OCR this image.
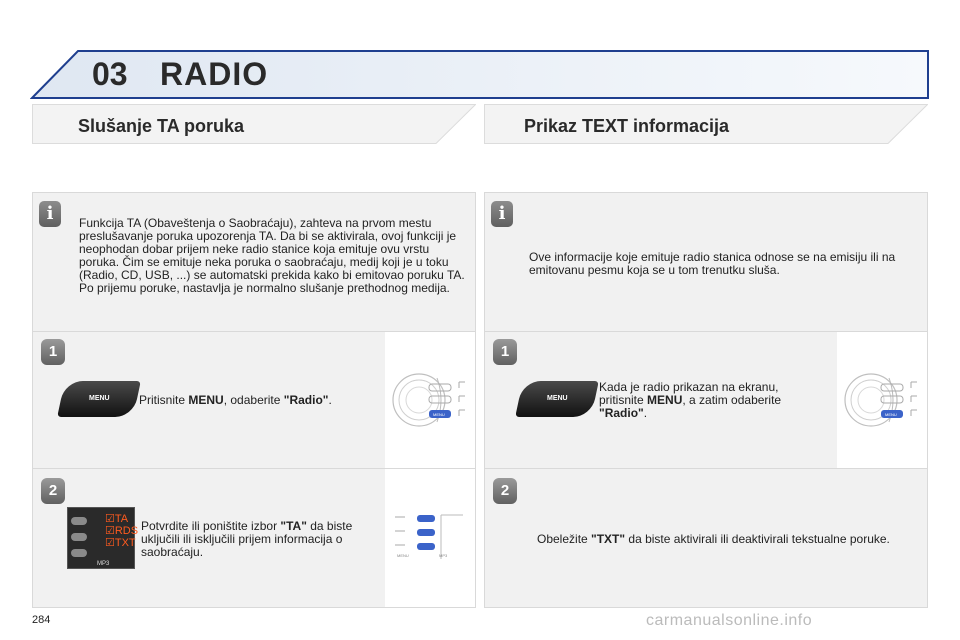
03 RADIO
Slušanje TA poruka	Prikaz TEXT informacija
i	Funkcija TA (Obaveštenja o Saobraćaju), zahteva na prvom mestu preslušavanje poruka upozorenja TA. Da bi se aktivirala, ovoj funkciji je neophodan dobar prijem neke radio stanice koja emituje ovu vrstu poruka. Čim se emituje neka poruka o saobraćaju, medij koji je u toku (Radio, CD, USB, ...) se automatski prekida kako bi emitovao poruku TA. Po prijemu poruke, nastavlja je normalno slušanje prethodnog medija.
1
MENU	Pritisnite MENU, odaberite "Radio".
MENU
2
☑TA
☑RDS
☑TXT
MP3
Potvrdite ili poništite izbor "TA" da biste uključili ili isključili prijem informacija o saobraćaju.	MENU	MP3
i
Ove informacije koje emituje radio stanica odnose se na emisiju ili na emitovanu pesmu koja se u tom trenutku sluša.
1
MENU
Kada je radio prikazan na ekranu, pritisnite MENU, a zatim odaberite "Radio".	MENU
2
Obeležite "TXT" da biste aktivirali ili deaktivirali tekstualne poruke.
284	carmanualsonline.info
